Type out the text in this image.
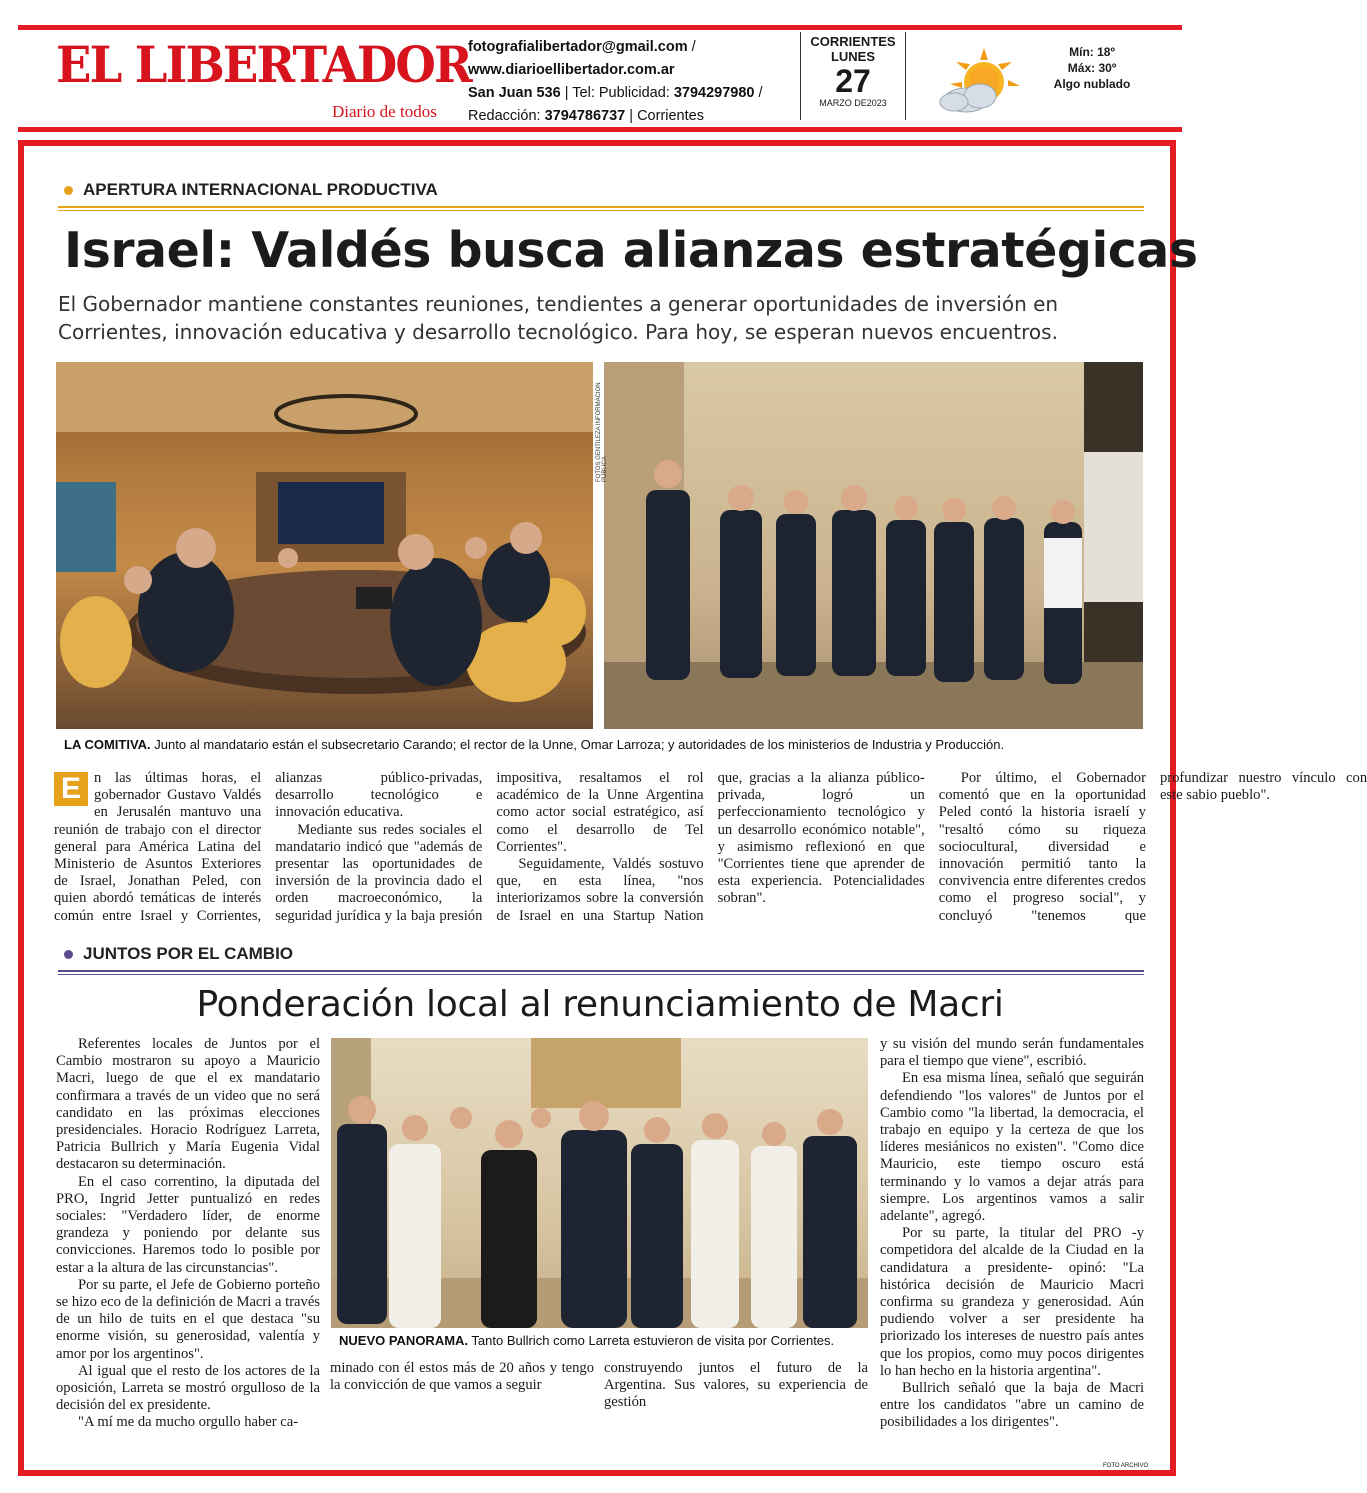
EL LIBERTADOR
Diario de todos
fotografialibertador@gmail.com /
www.diarioellibertador.com.ar
San Juan 536 | Tel: Publicidad: 3794297980 /
Redacción: 3794786737 | Corrientes
CORRIENTES
LUNES
27
MARZO DE2023
Mín: 18º
Máx: 30º
Algo nublado
APERTURA INTERNACIONAL PRODUCTIVA
Israel: Valdés busca alianzas estratégicas
El Gobernador mantiene constantes reuniones, tendientes a generar oportunidades de inversión en Corrientes, innovación educativa y desarrollo tecnológico. Para hoy, se esperan nuevos encuentros.
FOTOS GENTILEZA INFORMACIÓN PÚBLICA
LA COMITIVA. Junto al mandatario están el subsecretario Carando; el rector de la Unne, Omar Larroza; y autoridades de los ministerios de Industria y Producción.

E n las últimas horas, el gobernador Gustavo Valdés en Jerusalén mantuvo una reunión de trabajo con el director general para América Latina del Ministerio de Asuntos Exteriores de Israel, Jonathan Peled, con quien abordó temáticas de interés común entre Israel y Corrientes, alianzas público-privadas, desarrollo tecnológico e innovación educativa.

Mediante sus redes sociales el mandatario indicó que "además de presentar las oportunidades de inversión de la provincia dado el orden macroeconómico, la seguridad jurídica y la baja presión impositiva, resaltamos el rol académico de la Unne Argentina como actor social estratégico, así como el desarrollo de Tel Corrientes".

Seguidamente, Valdés sostuvo que, en esta línea, "nos interiorizamos sobre la conversión de Israel en una Startup Nation que, gracias a la alianza público-privada, logró un perfeccionamiento tecnológico y un desarrollo económico notable", y asimismo reflexionó en que "Corrientes tiene que aprender de esta experiencia. Potencialidades sobran".

Por último, el Gobernador comentó que en la oportunidad Peled contó la historia israelí y "resaltó cómo su riqueza sociocultural, diversidad e innovación permitió tanto la convivencia entre diferentes credos como el progreso social", y concluyó "tenemos que profundizar nuestro vínculo con este sabio pueblo".

JUNTOS POR EL CAMBIO
Ponderación local al renunciamiento de Macri

Referentes locales de Juntos por el Cambio mostraron su apoyo a Mauricio Macri, luego de que el ex mandatario confirmara a través de un video que no será candidato en las próximas elecciones presidenciales. Horacio Rodríguez Larreta, Patricia Bullrich y María Eugenia Vidal destacaron su determinación.

En el caso correntino, la diputada del PRO, Ingrid Jetter puntualizó en redes sociales: "Verdadero líder, de enorme grandeza y poniendo por delante sus convicciones. Haremos todo lo posible por estar a la altura de las circunstancias".

Por su parte, el Jefe de Gobierno porteño se hizo eco de la definición de Macri a través de un hilo de tuits en el que destaca "su enorme visión, su generosidad, valentía y amor por los argentinos".

Al igual que el resto de los actores de la oposición, Larreta se mostró orgulloso de la decisión del ex presidente.

"A mí me da mucho orgullo haber ca-

NUEVO PANORAMA. Tanto Bullrich como Larreta estuvieron de visita por Corrientes.

minado con él estos más de 20 años y tengo la convicción de que vamos a seguir

construyendo juntos el futuro de la Argentina. Sus valores, su experiencia de gestión

y su visión del mundo serán fundamentales para el tiempo que viene", escribió.

En esa misma línea, señaló que seguirán defendiendo "los valores" de Juntos por el Cambio como "la libertad, la democracia, el trabajo en equipo y la certeza de que los líderes mesiánicos no existen". "Como dice Mauricio, este tiempo oscuro está terminando y lo vamos a dejar atrás para siempre. Los argentinos vamos a salir adelante", agregó.

Por su parte, la titular del PRO -y competidora del alcalde de la Ciudad en la candidatura a presidente- opinó: "La histórica decisión de Mauricio Macri confirma su grandeza y generosidad. Aún pudiendo volver a ser presidente ha priorizado los intereses de nuestro país antes que los propios, como muy pocos dirigentes lo han hecho en la historia argentina".

Bullrich señaló que la baja de Macri entre los candidatos "abre un camino de posibilidades a los dirigentes".

FOTO ARCHIVO
